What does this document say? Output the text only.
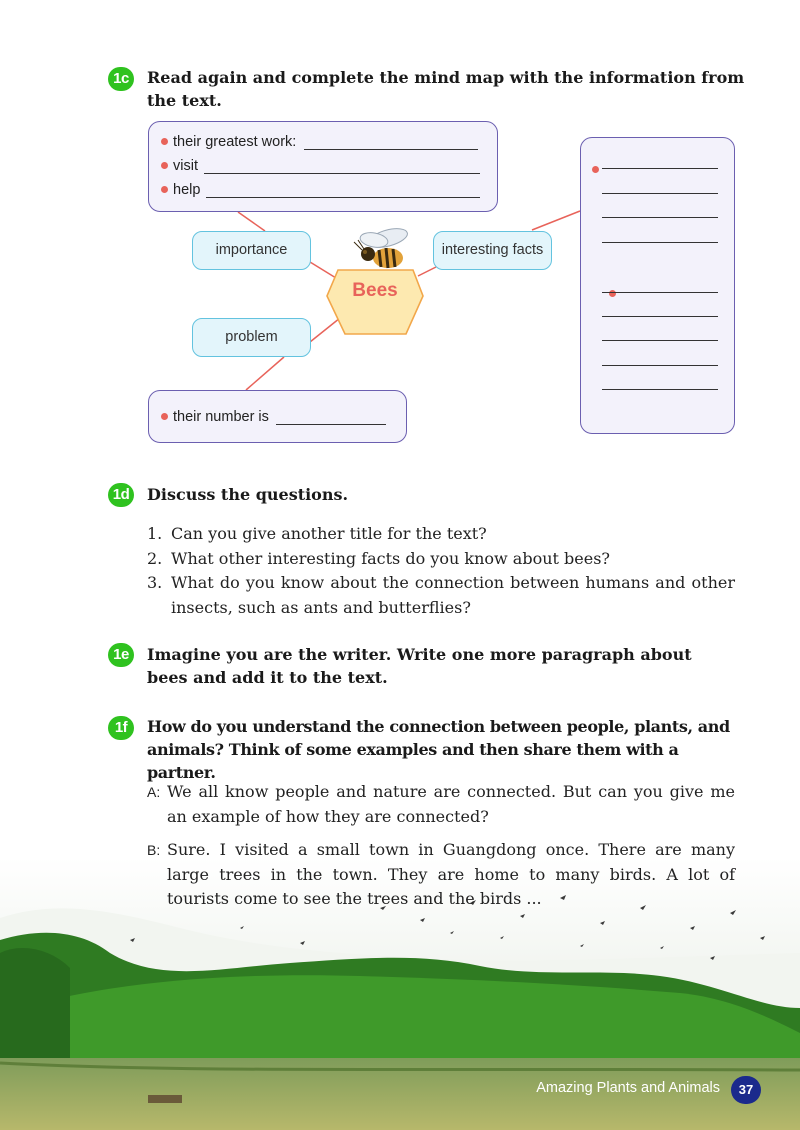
1c	Read again and complete the mind map with the information from the text.
their greatest work:
visit
help
importance
problem
interesting facts
Bees
their number is

1d Discuss the questions.
1. Can you give another title for the text?
2. What other interesting facts do you know about bees?
3. What do you know about the connection between humans and other insects, such as ants and butterflies?
1e	Imagine you are the writer. Write one more paragraph about bees and add it to the text.
1f	How do you understand the connection between people, plants, and animals? Think of some examples and then share them with a partner.
A: We all know people and nature are connected. But can you give me an example of how they are connected?
B: Sure. I visited a small town in Guangdong once. There are many large trees in the town. They are home to many birds. A lot of tourists come to see the trees and the birds ...
Amazing Plants and Animals	37
